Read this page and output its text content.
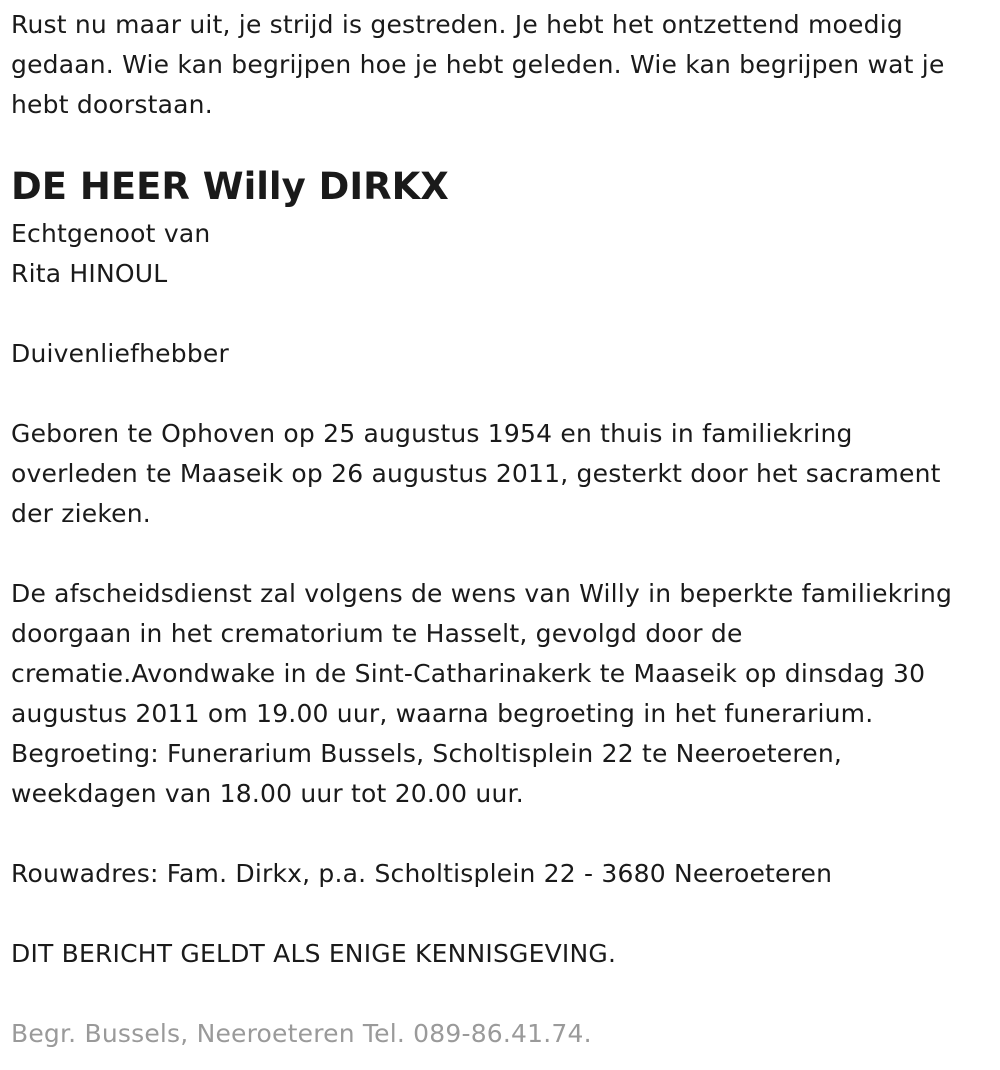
Rust nu maar uit, je strijd is gestreden. Je hebt het ontzettend moedig
gedaan. Wie kan begrijpen hoe je hebt geleden. Wie kan begrijpen wat je
hebt doorstaan.
DE HEER Willy DIRKX
Echtgenoot van
Rita HINOUL
Duivenliefhebber
Geboren te Ophoven op 25 augustus 1954 en thuis in familiekring
overleden te Maaseik op 26 augustus 2011, gesterkt door het sacrament
der zieken.
De afscheidsdienst zal volgens de wens van Willy in beperkte familiekring
doorgaan in het crematorium te Hasselt, gevolgd door de
crematie.Avondwake in de Sint-Catharinakerk te Maaseik op dinsdag 30
augustus 2011 om 19.00 uur, waarna begroeting in het funerarium.
Begroeting: Funerarium Bussels, Scholtisplein 22 te Neeroeteren,
weekdagen van 18.00 uur tot 20.00 uur.
Rouwadres: Fam. Dirkx, p.a. Scholtisplein 22 - 3680 Neeroeteren
DIT BERICHT GELDT ALS ENIGE KENNISGEVING.
Begr. Bussels, Neeroeteren Tel. 089-86.41.74.
